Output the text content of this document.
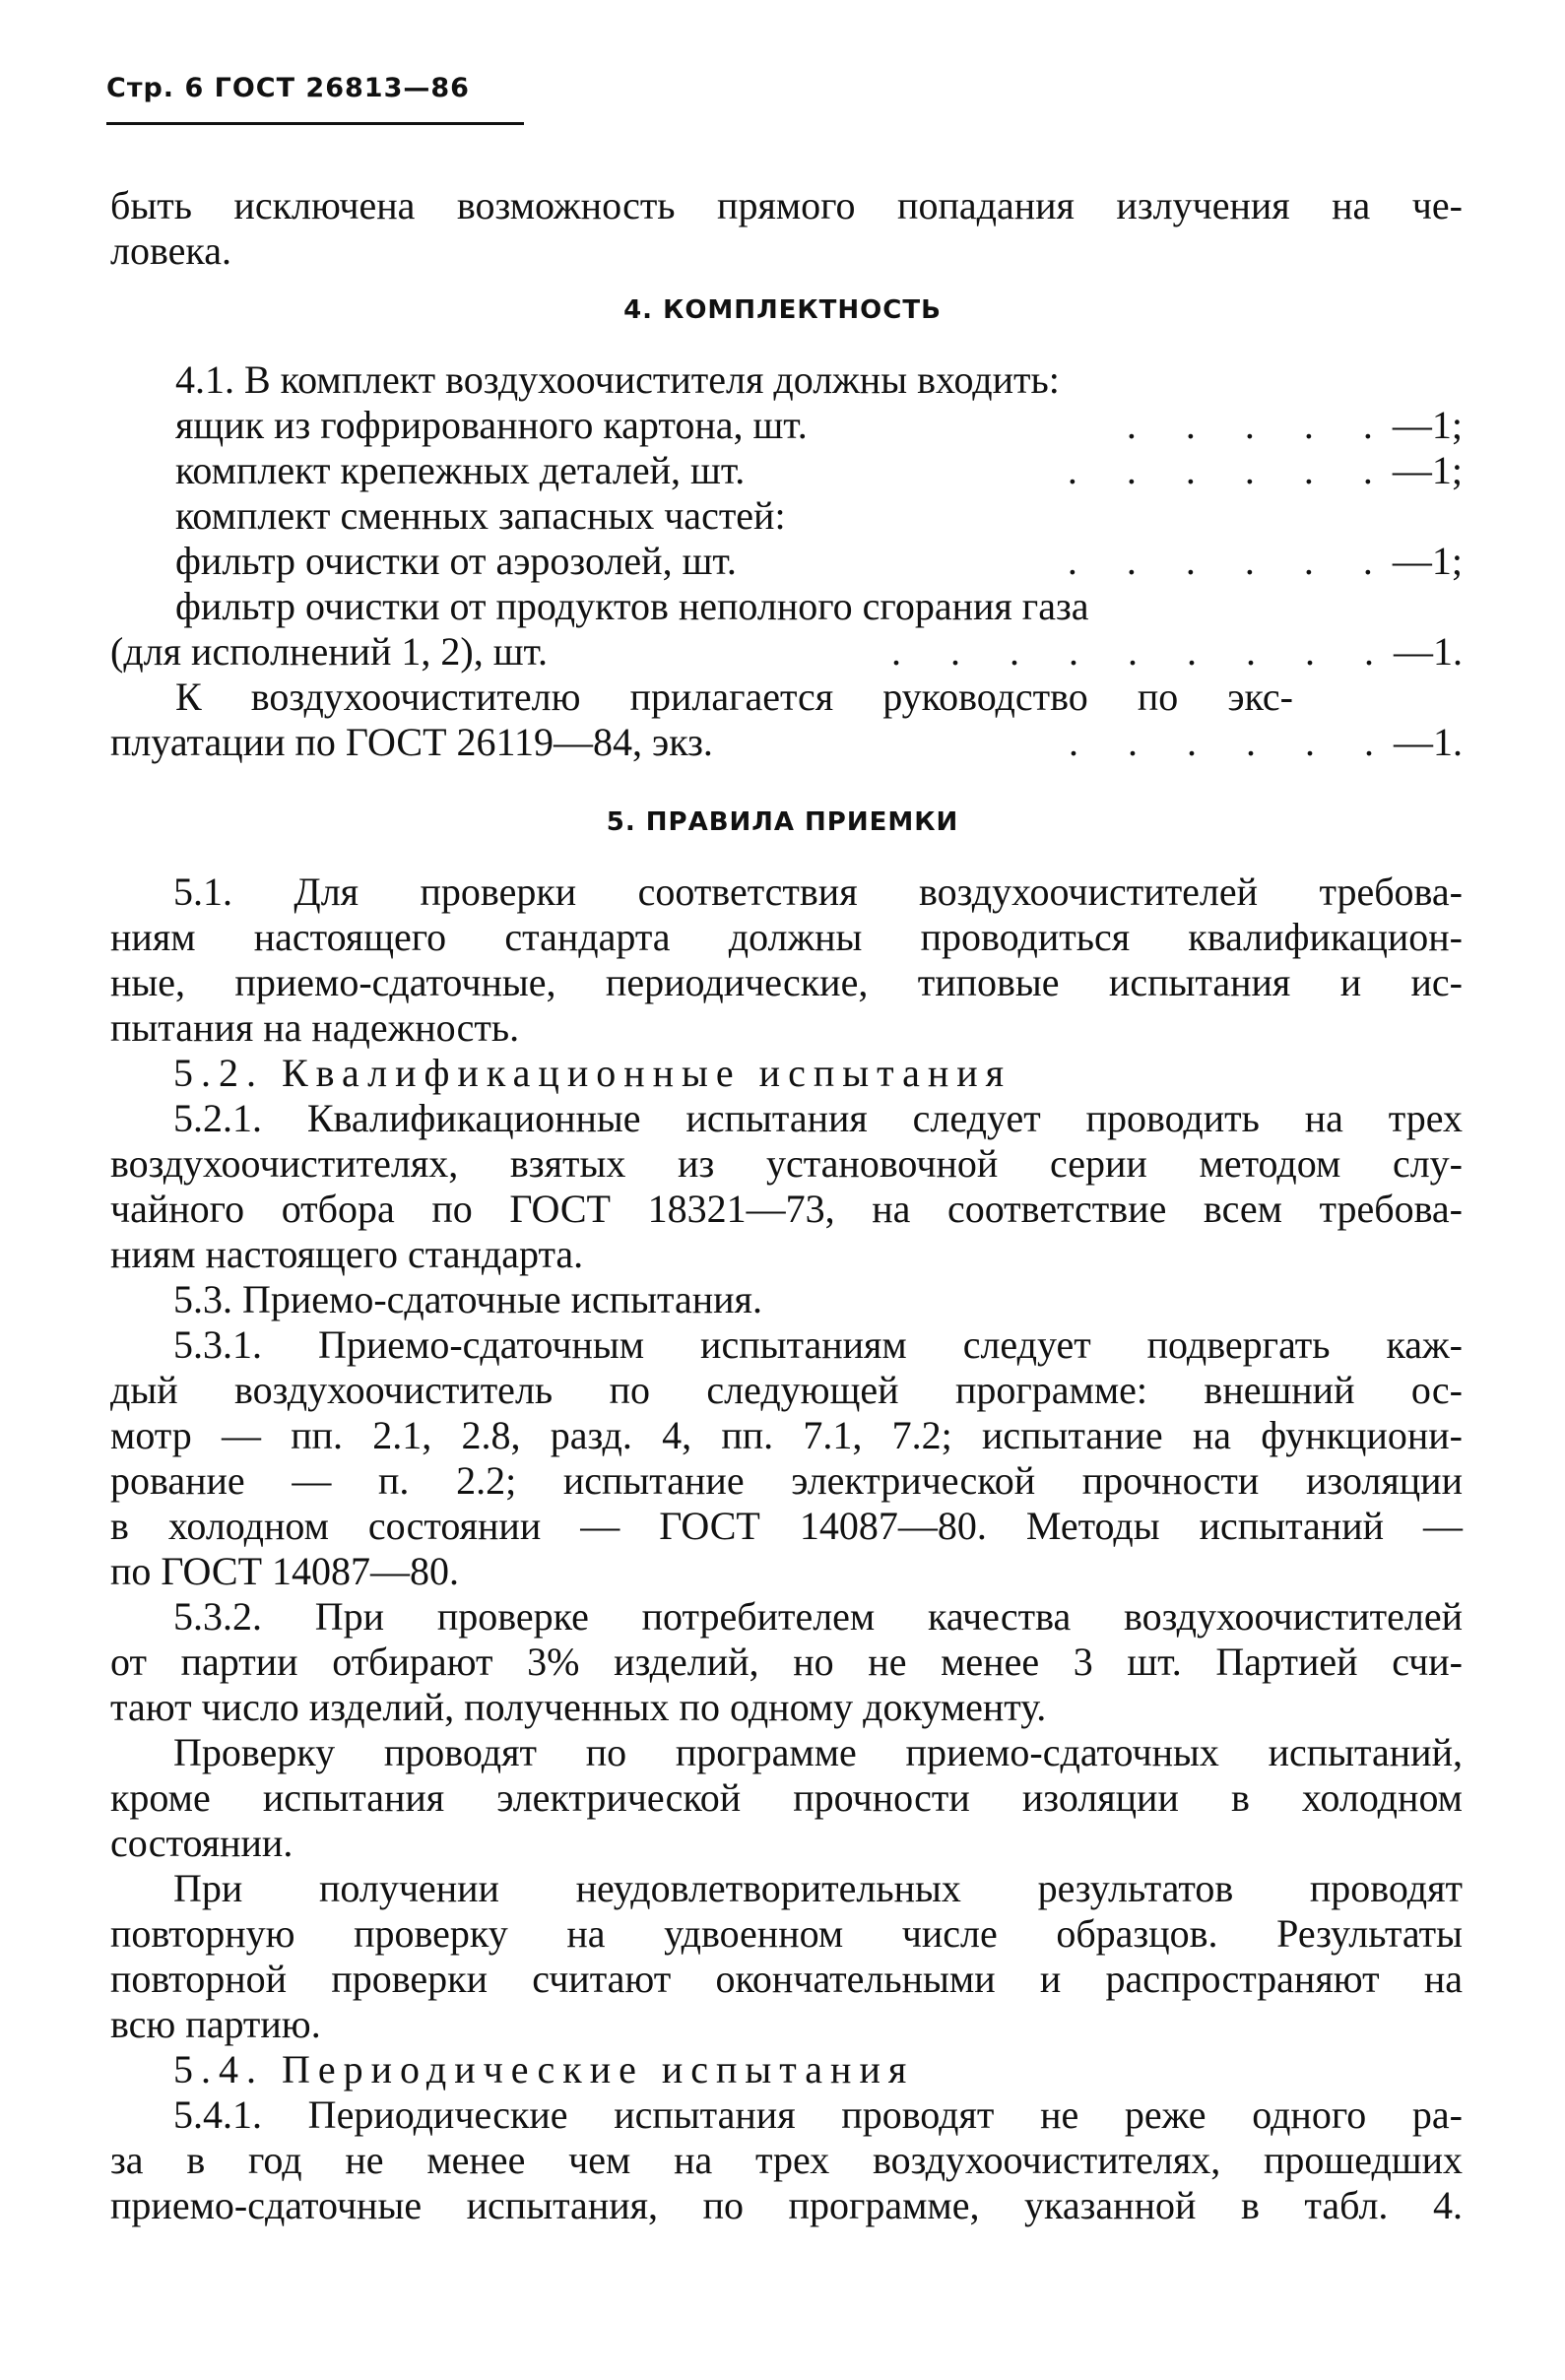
Стр. 6 ГОСТ 26813—86
быть исключена возможность прямого попадания излучения на че-
ловека.
4. КОМПЛЕКТНОСТЬ
4.1. В комплект воздухоочистителя должны входить:
ящик из гофрированного картона, шт.	. . . . .—1;
комплект крепежных деталей, шт.	. . . . . .—1;
комплект сменных запасных частей:
фильтр очистки от аэрозолей, шт.	. . . . . .—1;
фильтр очистки от продуктов неполного сгорания газа
(для исполнений 1, 2), шт.	. . . . . . . . .—1.
К воздухоочистителю прилагается руководство по экс-
плуатации по ГОСТ 26119—84, экз.	. . . . . .—1.
5. ПРАВИЛА ПРИЕМКИ
5.1. Для проверки соответствия воздухоочистителей требова-
ниям настоящего стандарта должны проводиться квалификацион-
ные, приемо-сдаточные, периодические, типовые испытания и ис-
пытания на надежность.
5.2. Квалификационные испытания
5.2.1. Квалификационные испытания следует проводить на трех
воздухоочистителях, взятых из установочной серии методом слу-
чайного отбора по ГОСТ 18321—73, на соответствие всем требова-
ниям настоящего стандарта.
5.3. Приемо-сдаточные испытания.
5.3.1. Приемо-сдаточным испытаниям следует подвергать каж-
дый воздухоочиститель по следующей программе: внешний ос-
мотр — пп. 2.1, 2.8, разд. 4, пп. 7.1, 7.2; испытание на функциони-
рование — п. 2.2; испытание электрической прочности изоляции
в холодном состоянии — ГОСТ 14087—80. Методы испытаний —
по ГОСТ 14087—80.
5.3.2. При проверке потребителем качества воздухоочистителей
от партии отбирают 3% изделий, но не менее 3 шт. Партией счи-
тают число изделий, полученных по одному документу.
Проверку проводят по программе приемо-сдаточных испытаний,
кроме испытания электрической прочности изоляции в холодном
состоянии.
При получении неудовлетворительных результатов проводят
повторную проверку на удвоенном числе образцов. Результаты
повторной проверки считают окончательными и распространяют на
всю партию.
5.4. Периодические испытания
5.4.1. Периодические испытания проводят не реже одного ра-
за в год не менее чем на трех воздухоочистителях, прошедших
приемо-сдаточные испытания, по программе, указанной в табл. 4.
